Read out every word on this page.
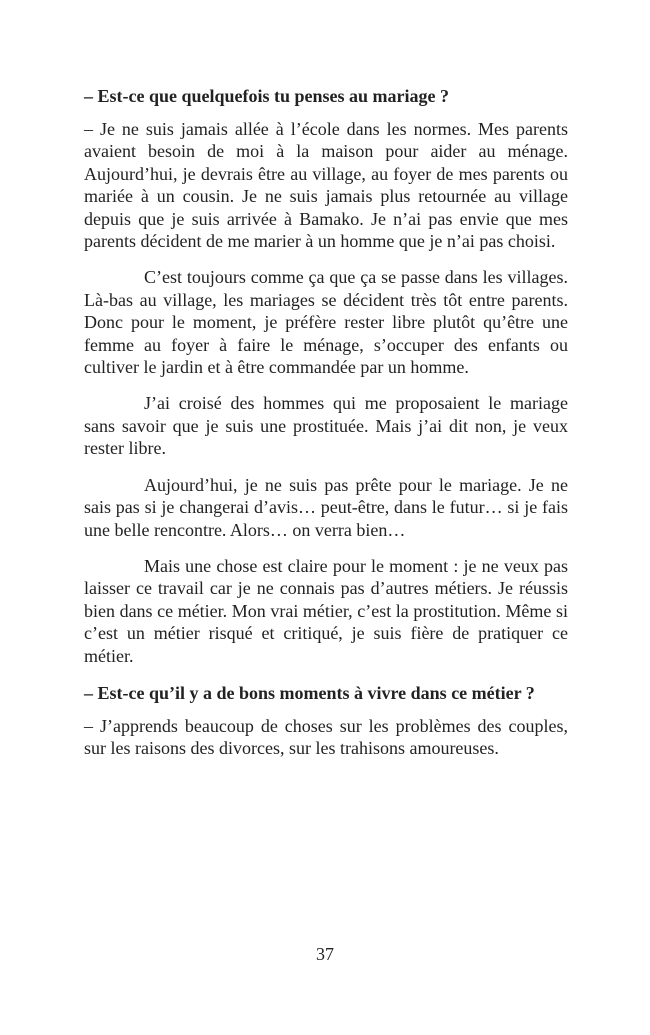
– Est-ce que quelquefois tu penses au mariage ?

– Je ne suis jamais allée à l’école dans les normes. Mes parents avaient besoin de moi à la maison pour aider au ménage. Aujourd’hui, je devrais être au village, au foyer de mes parents ou mariée à un cousin. Je ne suis jamais plus retournée au village depuis que je suis arrivée à Bamako. Je n’ai pas envie que mes parents décident de me marier à un homme que je n’ai pas choisi.

C’est toujours comme ça que ça se passe dans les villages. Là-bas au village, les mariages se décident très tôt entre parents. Donc pour le moment, je préfère rester libre plutôt qu’être une femme au foyer à faire le ménage, s’occuper des enfants ou cultiver le jardin et à être commandée par un homme.

J’ai croisé des hommes qui me proposaient le mariage sans savoir que je suis une prostituée. Mais j’ai dit non, je veux rester libre.

Aujourd’hui, je ne suis pas prête pour le mariage. Je ne sais pas si je changerai d’avis… peut-être, dans le futur… si je fais une belle rencontre. Alors… on verra bien…

Mais une chose est claire pour le moment : je ne veux pas laisser ce travail car je ne connais pas d’autres métiers. Je réussis bien dans ce métier. Mon vrai métier, c’est la prostitution. Même si c’est un métier risqué et critiqué, je suis fière de pratiquer ce métier.

– Est-ce qu’il y a de bons moments à vivre dans ce métier ?

– J’apprends beaucoup de choses sur les problèmes des couples, sur les raisons des divorces, sur les trahisons amoureuses.

37
